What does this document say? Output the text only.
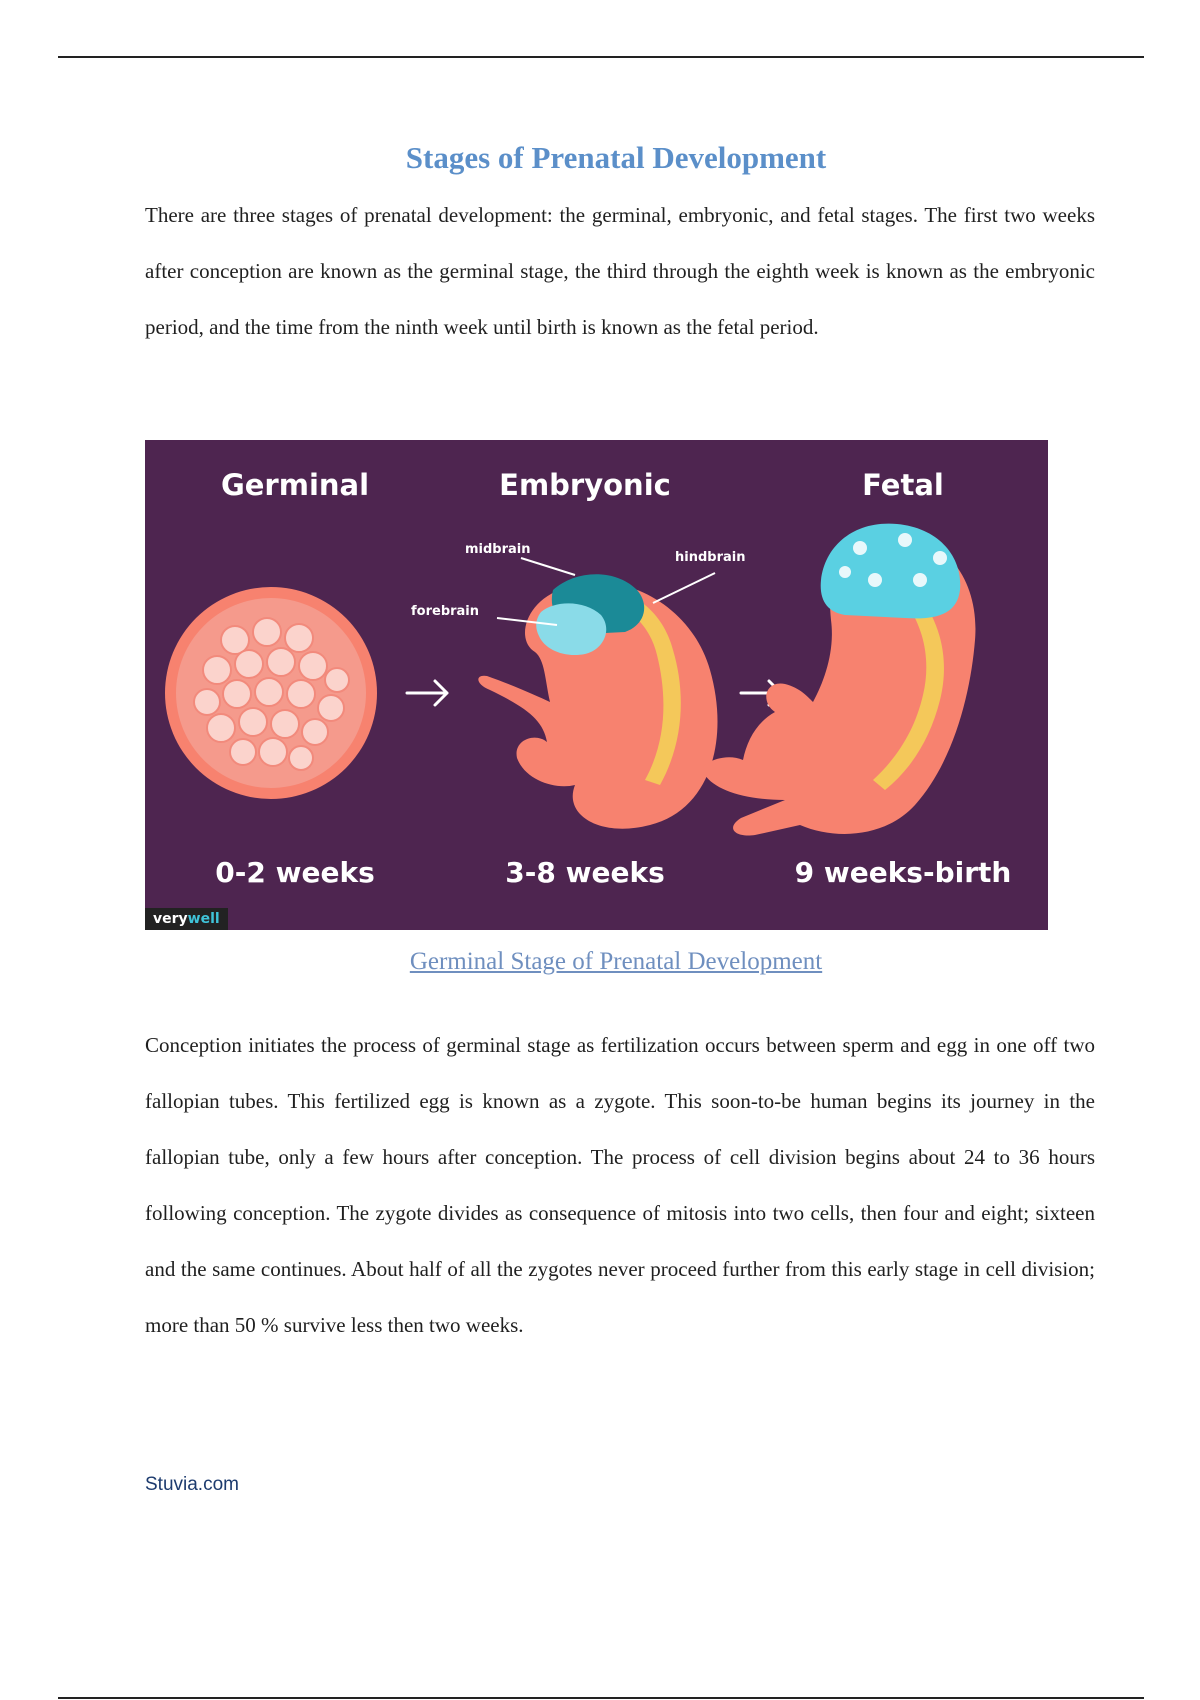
Stages of Prenatal Development

There are three stages of prenatal development: the germinal, embryonic, and fetal stages. The first two weeks after conception are known as the germinal stage, the third through the eighth week is known as the embryonic period, and the time from the ninth week until birth is known as the fetal period.

Germinal	Embryonic	Fetal
midbrain
hindbrain
forebrain
0-2 weeks	3-8 weeks	9 weeks-birth
verywell
Germinal Stage of Prenatal Development

Conception initiates the process of germinal stage as fertilization occurs between sperm and egg in one off two fallopian tubes. This fertilized egg is known as a zygote. This soon-to-be human begins its journey in the fallopian tube, only a few hours after conception. The process of cell division begins about 24 to 36 hours following conception. The zygote divides as consequence of mitosis into two cells, then four and eight; sixteen and the same continues. About half of all the zygotes never proceed further from this early stage in cell division; more than 50 % survive less then two weeks.

Stuvia.com
